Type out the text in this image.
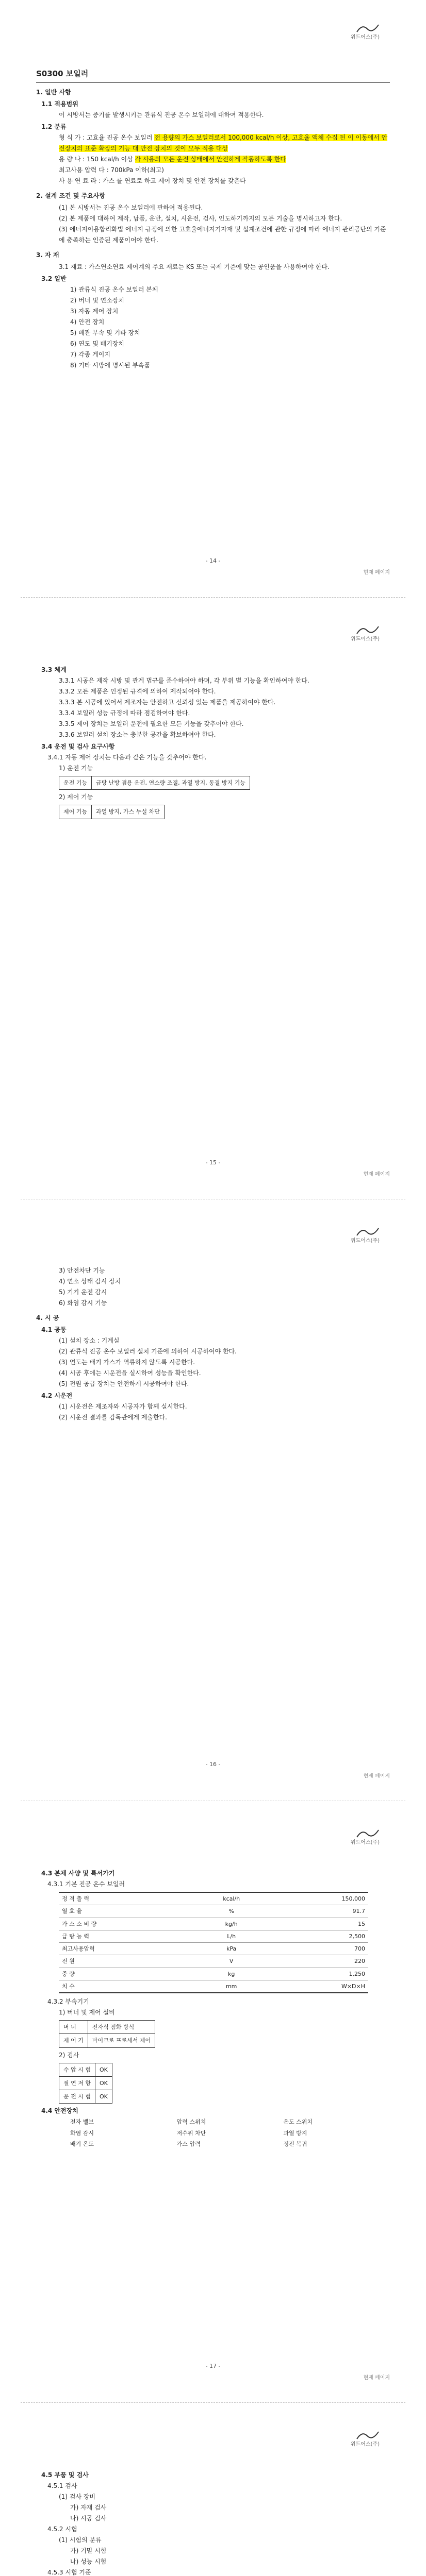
위드어스(주)
S0300 보일러
1. 일반 사항
1.1 적용범위
이 시방서는 증기를 발생시키는 관류식 진공 온수 보일러에 대하여 적용한다.
1.2 분류
형 식 가 : 고효율 진공 온수 보일러 전 용량의 가스 보일러로서 100,000 kcal/h 이상, 고효율 액체 수집 된 이 이동에서 안전장치의 표준 확장의 기능 대 안전 장치의 것이 모두 적용 대상
용 량 나 : 150 kcal/h 이상 각 사용의 모든 운전 상태에서 안전하게 작동하도록 한다
최고사용 압력 다 : 700kPa 이하(최고)
사 용 연 료 라 : 가스 를 연료로 하고 제어 장치 및 안전 장치를 갖춘다
2. 설계 조건 및 주요사항
(1) 본 시방서는 진공 온수 보일러에 관하여 적용된다.
(2) 본 제품에 대하여 제작, 납품, 운반, 설치, 시운전, 검사, 인도하기까지의 모든 기술을 명시하고자 한다.
(3) 에너지이용합리화법 에너지 규정에 의한 고효율에너지기자재 및 설계조건에 관한 규정에 따라 에너지 관리공단의 기준에 충족하는 인증된 제품이어야 한다.
3. 자 재
3.1 재료 : 가스연소연료 제어계의 주요 재료는 KS 또는 국제 기준에 맞는 공인품을 사용하여야 한다.
3.2 일반
1) 관류식 진공 온수 보일러 본체
2) 버너 및 연소장치
3) 자동 제어 장치
4) 안전 장치
5) 배관 부속 및 기타 장치
6) 연도 및 배기장치
7) 각종 게이지
8) 기타 시방에 명시된 부속품
- 14 -
현재 페이지
위드어스(주)
3.3 체계
3.3.1 시공은 제작 시방 및 관계 법규를 준수하여야 하며, 각 부위 별 기능을 확인하여야 한다.
3.3.2 모든 제품은 인정된 규격에 의하여 제작되어야 한다.
3.3.3 본 시공에 있어서 제조자는 안전하고 신뢰성 있는 제품을 제공하여야 한다.
3.3.4 보일러 성능 규정에 따라 점검하여야 한다.
3.3.5 제어 장치는 보일러 운전에 필요한 모든 기능을 갖추어야 한다.
3.3.6 보일러 설치 장소는 충분한 공간을 확보하여야 한다.
3.4 운전 및 검사 요구사항
3.4.1 자동 제어 장치는 다음과 같은 기능을 갖추어야 한다.
1) 운전 기능
운전 기능	급탕 난방 겸용 운전, 연소량 조절, 과열 방지, 동결 방지 기능
2) 제어 기능
제어 기능	과열 방지, 가스 누설 차단
- 15 -
현재 페이지
위드어스(주)
3) 안전차단 기능
4) 연소 상태 감시 장치
5) 기기 운전 감시
6) 화염 감시 기능
4. 시 공
4.1 공통
(1) 설치 장소 : 기계실
(2) 관류식 진공 온수 보일러 설치 기준에 의하여 시공하여야 한다.
(3) 연도는 배기 가스가 역류하지 않도록 시공한다.
(4) 시공 후에는 시운전을 실시하여 성능을 확인한다.
(5) 전원 공급 장치는 안전하게 시공하여야 한다.
4.2 시운전
(1) 시운전은 제조자와 시공자가 함께 실시한다.
(2) 시운전 결과를 감독관에게 제출한다.
- 16 -
현재 페이지
위드어스(주)
4.3 본체 사양 및 특서가기
4.3.1 기본 진공 온수 보일러
정 격 출 력	kcal/h	150,000
열 효 율	%	91.7
가 스 소 비 량	kg/h	15
급 탕 능 력	L/h	2,500
최고사용압력	kPa	700
전 원	V	220
중 량	kg	1,250
치 수	mm	W×D×H
4.3.2 부속기기
1) 버너 및 제어 설비
버 너	전자식 점화 방식
제 어 기	마이크로 프로세서 제어
2) 검사
수 압 시 험	OK
절 연 저 항	OK
운 전 시 험	OK
4.4 안전장치
전자 밸브	압력 스위치	온도 스위치
화염 감시	저수위 차단	과열 방지
배기 온도	가스 압력	정전 복귀
- 17 -
현재 페이지
위드어스(주)
4.5 부품 및 검사
4.5.1 검사
(1) 검사 장비
가) 자재 검사
나) 시공 검사
4.5.2 시험
(1) 시험의 분류
가) 기밀 시험
나) 성능 시험
4.5.3 시험 기준
